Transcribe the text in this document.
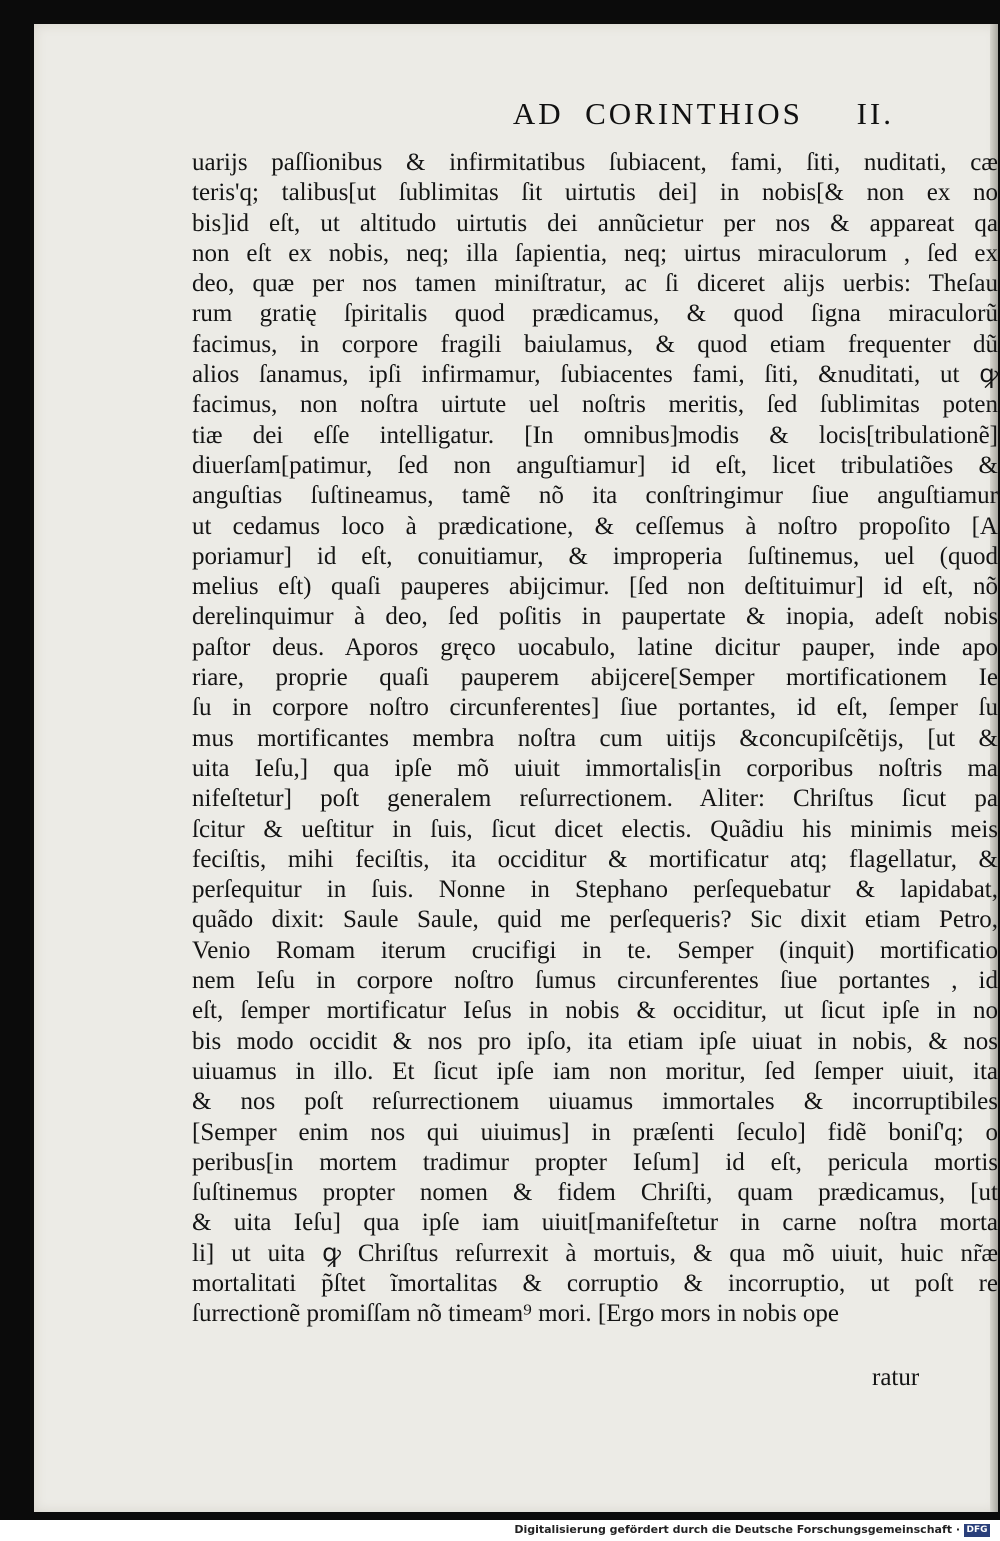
AD  CORINTHIOS     II.
uarijs paſſionibus & infirmitatibus ſubiacent, fami, ſiti, nuditati, cæ
teris'q; talibus[ut ſublimitas ſit uirtutis dei] in nobis[& non ex no
bis]id eſt, ut altitudo uirtutis dei annũcietur per nos & appareat qa
non eſt ex nobis, neq; illa ſapientia, neq; uirtus miraculorum , ſed ex
deo, quæ per nos tamen miniſtratur, ac ſi diceret alijs uerbis: Theſau
rum gratię ſpiritalis quod prædicamus, & quod ſigna miraculorũ
facimus, in corpore fragili baiulamus, & quod etiam frequenter dũ
alios ſanamus, ipſi infirmamur, ſubiacentes fami, ſiti, &nuditati, ut ꝙ
facimus, non noſtra uirtute uel noſtris meritis, ſed ſublimitas poten
tiæ dei eſſe intelligatur. [In omnibus]modis & locis[tribulationẽ]
diuerſam[patimur, ſed non anguſtiamur] id eſt, licet tribulatiões &
anguſtias ſuſtineamus, tamẽ nõ ita conſtringimur ſiue anguſtiamur
ut cedamus loco à prædicatione, & ceſſemus à noſtro propoſito [A
poriamur] id eſt, conuitiamur, & improperia ſuſtinemus, uel (quod
melius eſt) quaſi pauperes abijcimur. [ſed non deſtituimur] id eſt, nõ
derelinquimur à deo, ſed poſitis in paupertate & inopia, adeſt nobis
paſtor deus. Aporos gręco uocabulo, latine dicitur pauper, inde apo
riare, proprie quaſi pauperem abijcere[Semper mortificationem Ie
ſu in corpore noſtro circunferentes] ſiue portantes, id eſt, ſemper ſu
mus mortificantes membra noſtra cum uitijs &concupiſcẽtijs, [ut &
uita Ieſu,] qua ipſe mõ uiuit immortalis[in corporibus noſtris ma
nifeſtetur] poſt generalem reſurrectionem. Aliter: Chriſtus ſicut pa
ſcitur & ueſtitur in ſuis, ſicut dicet electis. Quãdiu his minimis meis
feciſtis, mihi feciſtis, ita occiditur & mortificatur atq; flagellatur, &
perſequitur in ſuis. Nonne in Stephano perſequebatur & lapidabat,
quãdo dixit: Saule Saule, quid me perſequeris? Sic dixit etiam Petro,
Venio Romam iterum crucifigi in te. Semper (inquit) mortificatio
nem Ieſu in corpore noſtro ſumus circunferentes ſiue portantes , id
eſt, ſemper mortificatur Ieſus in nobis & occiditur, ut ſicut ipſe in no
bis modo occidit & nos pro ipſo, ita etiam ipſe uiuat in nobis, & nos
uiuamus in illo. Et ſicut ipſe iam non moritur, ſed ſemper uiuit, ita
& nos poſt reſurrectionem uiuamus immortales & incorruptibiles
[Semper enim nos qui uiuimus] in præſenti ſeculo] fidẽ boniſ'q; o
peribus[in mortem tradimur propter Ieſum] id eſt, pericula mortis
ſuſtinemus propter nomen & fidem Chriſti, quam prædicamus, [ut
& uita Ieſu] qua ipſe iam uiuit[manifeſtetur in carne noſtra morta
li] ut uita ꝙ Chriſtus reſurrexit à mortuis, & qua mõ uiuit, huic nr̃æ
mortalitati p̃ſtet ĩmortalitas & corruptio & incorruptio, ut poſt re
ſurrectionẽ promiſſam nõ timeam⁹ mori. [Ergo mors in nobis ope
ratur
Digitalisierung gefördert durch die Deutsche Forschungsgemeinschaft · DFG
